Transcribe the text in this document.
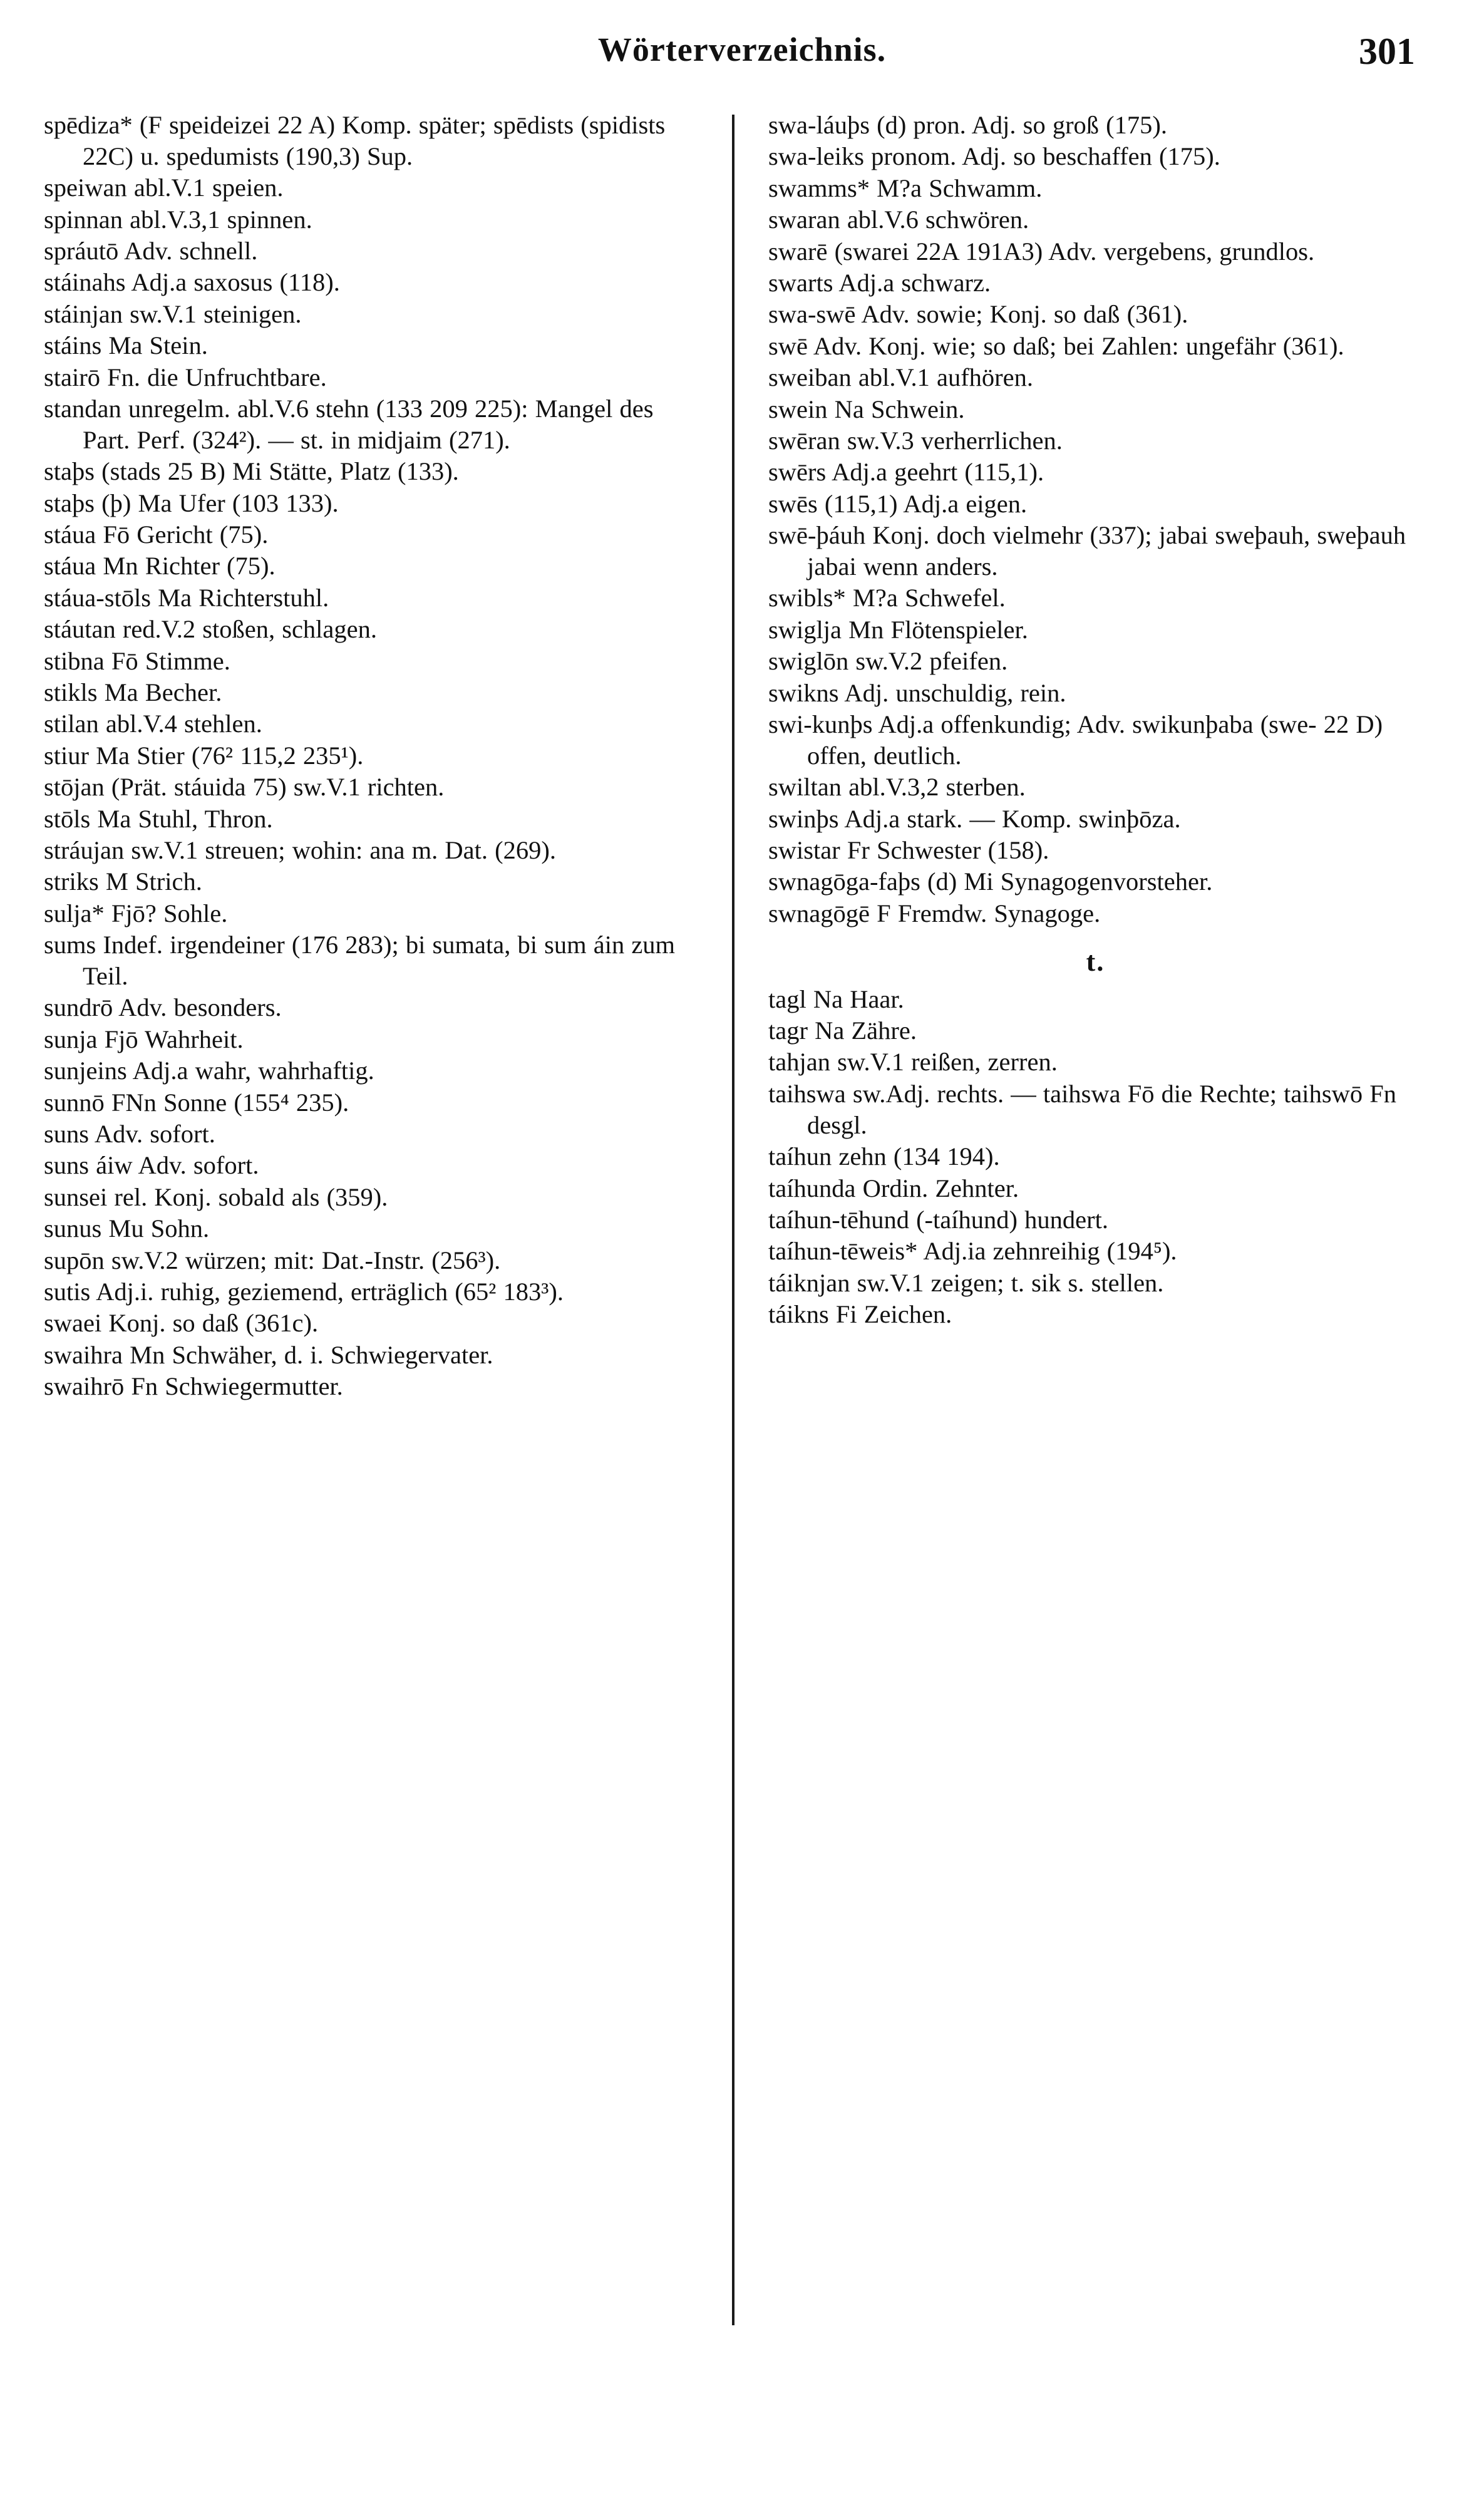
Wörterverzeichnis.	301
spēdiza* (F speideizei 22 A) Komp. später; spēdists (spidists 22C) u. spedumists (190,3) Sup.
speiwan abl.V.1 speien.
spinnan abl.V.3,1 spinnen.
spráutō Adv. schnell.
stáinahs Adj.a saxosus (118).
stáinjan sw.V.1 steinigen.
stáins Ma Stein.
stairō Fn. die Unfruchtbare.
standan unregelm. abl.V.6 stehn (133 209 225): Mangel des Part. Perf. (324²). — st. in midjaim (271).
staþs (stads 25 B) Mi Stätte, Platz (133).
staþs (þ) Ma Ufer (103 133).
stáua Fō Gericht (75).
stáua Mn Richter (75).
stáua-stōls Ma Richterstuhl.
stáutan red.V.2 stoßen, schlagen.
stibna Fō Stimme.
stikls Ma Becher.
stilan abl.V.4 stehlen.
stiur Ma Stier (76² 115,2 235¹).
stōjan (Prät. stáuida 75) sw.V.1 richten.
stōls Ma Stuhl, Thron.
stráujan sw.V.1 streuen; wohin: ana m. Dat. (269).
striks M Strich.
sulja* Fjō? Sohle.
sums Indef. irgendeiner (176 283); bi sumata, bi sum áin zum Teil.
sundrō Adv. besonders.
sunja Fjō Wahrheit.
sunjeins Adj.a wahr, wahrhaftig.
sunnō FNn Sonne (155⁴ 235).
suns Adv. sofort.
suns áiw Adv. sofort.
sunsei rel. Konj. sobald als (359).
sunus Mu Sohn.
supōn sw.V.2 würzen; mit: Dat.-Instr. (256³).
sutis Adj.i. ruhig, geziemend, erträglich (65² 183³).
swaei Konj. so daß (361c).
swaihra Mn Schwäher, d. i. Schwiegervater.
swaihrō Fn Schwiegermutter.
swa-láuþs (d) pron. Adj. so groß (175).
swa-leiks pronom. Adj. so beschaffen (175).
swamms* M?a Schwamm.
swaran abl.V.6 schwören.
swarē (swarei 22A 191A3) Adv. vergebens, grundlos.
swarts Adj.a schwarz.
swa-swē Adv. sowie; Konj. so daß (361).
swē Adv. Konj. wie; so daß; bei Zahlen: ungefähr (361).
sweiban abl.V.1 aufhören.
swein Na Schwein.
swēran sw.V.3 verherrlichen.
swērs Adj.a geehrt (115,1).
swēs (115,1) Adj.a eigen.
swē-þáuh Konj. doch vielmehr (337); jabai sweþauh, sweþauh jabai wenn anders.
swibls* M?a Schwefel.
swiglja Mn Flötenspieler.
swiglōn sw.V.2 pfeifen.
swikns Adj. unschuldig, rein.
swi-kunþs Adj.a offenkundig; Adv. swikunþaba (swe- 22 D) offen, deutlich.
swiltan abl.V.3,2 sterben.
swinþs Adj.a stark. — Komp. swinþōza.
swistar Fr Schwester (158).
swnagōga-faþs (d) Mi Synagogenvorsteher.
swnagōgē F Fremdw. Synagoge.
t.
tagl Na Haar.
tagr Na Zähre.
tahjan sw.V.1 reißen, zerren.
taihswa sw.Adj. rechts. — taihswa Fō die Rechte; taihswō Fn desgl.
taíhun zehn (134 194).
taíhunda Ordin. Zehnter.
taíhun-tēhund (-taíhund) hundert.
taíhun-tēweis* Adj.ia zehnreihig (194⁵).
táiknjan sw.V.1 zeigen; t. sik s. stellen.
táikns Fi Zeichen.
